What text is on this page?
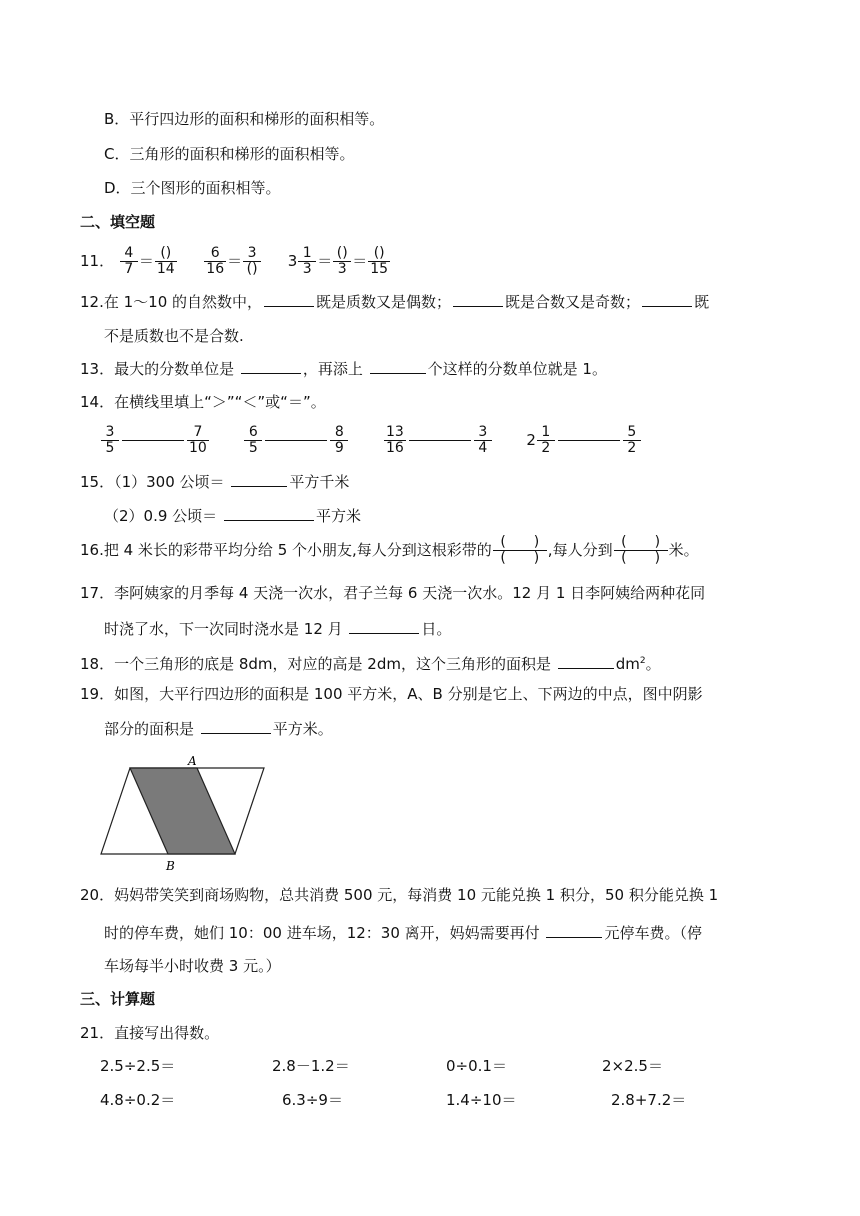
B．平行四边形的面积和梯形的面积相等。
C．三角形的面积和梯形的面积相等。
D．三个图形的面积相等。
二、填空题
11． $\frac{4}{7}$ ＝ ()
14
$\frac{6}{16} = 3$
() $3 \frac{1}{3}$ ＝ ()
3 ＝ ()
15
12.在 1～10 的自然数中，	既是质数又是偶数；	既是合数又是奇数；	既
不是质数也不是合数.
13．最大的分数单位是	，再添上	个这样的分数单位就是 1。
14．在横线里填上“＞”“＜”或“＝”。
$\frac{3}{5}$	$\frac{7}{10}$
	$\frac{6}{5}$	$\frac{8}{9}$
	$\frac{13}{16}$	$\frac{3}{4} 2 \frac{1}{2}$	$\frac{5}{2}$
15．（1）300 公顷＝	平方千米
（2）0.9 公顷＝	平方米
16.把 4 米长的彩带平均分给 5 个小朋友,每人分到这根彩带的 (　　)
(　　) ,每人分到 (　　)
(　　) 米。
17．李阿姨家的月季每 4 天浇一次水，君子兰每 6 天浇一次水。12 月 1 日李阿姨给两种花同
时浇了水，下一次同时浇水是 12 月	日。
18．一个三角形的底是 8dm，对应的高是 2dm，这个三角形的面积是	$dm^2$。
19．如图，大平行四边形的面积是 100 平方米，A、B 分别是它上、下两边的中点，图中阴影
部分的面积是	平方米。
A
B
20．妈妈带笑笑到商场购物，总共消费 500 元，每消费 10 元能兑换 1 积分，50 积分能兑换 1
时的停车费，她们 10：00 进车场，12：30 离开，妈妈需要再付	元停车费。（停
车场每半小时收费 3 元。）
三、计算题
21．直接写出得数。
2.5÷2.5＝	2.8－1.2＝	0÷0.1＝	2×2.5＝
4.8÷0.2＝	6.3÷9＝	1.4÷10＝	2.8+7.2＝
